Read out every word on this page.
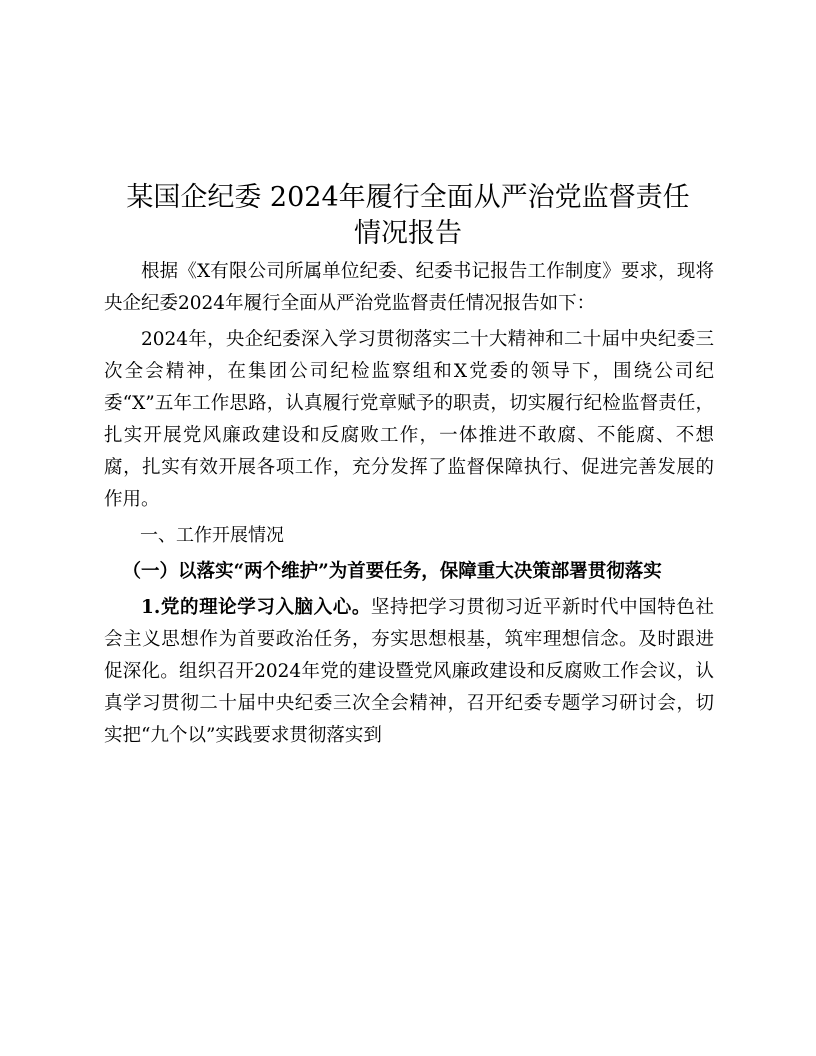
某国企纪委 2024年履行全面从严治党监督责任
情况报告

根据《X有限公司所属单位纪委、纪委书记报告工作制度》要求，现将央企纪委2024年履行全面从严治党监督责任情况报告如下：

2024年，央企纪委深入学习贯彻落实二十大精神和二十届中央纪委三次全会精神，在集团公司纪检监察组和X党委的领导下，围绕公司纪委“X”五年工作思路，认真履行党章赋予的职责，切实履行纪检监督责任，扎实开展党风廉政建设和反腐败工作，一体推进不敢腐、不能腐、不想腐，扎实有效开展各项工作，充分发挥了监督保障执行、促进完善发展的作用。

一、工作开展情况

（一）以落实“两个维护”为首要任务，保障重大决策部署贯彻落实

1.党的理论学习入脑入心。坚持把学习贯彻习近平新时代中国特色社会主义思想作为首要政治任务，夯实思想根基，筑牢理想信念。及时跟进促深化。组织召开2024年党的建设暨党风廉政建设和反腐败工作会议，认真学习贯彻二十届中央纪委三次全会精神，召开纪委专题学习研讨会，切实把“九个以”实践要求贯彻落实到
